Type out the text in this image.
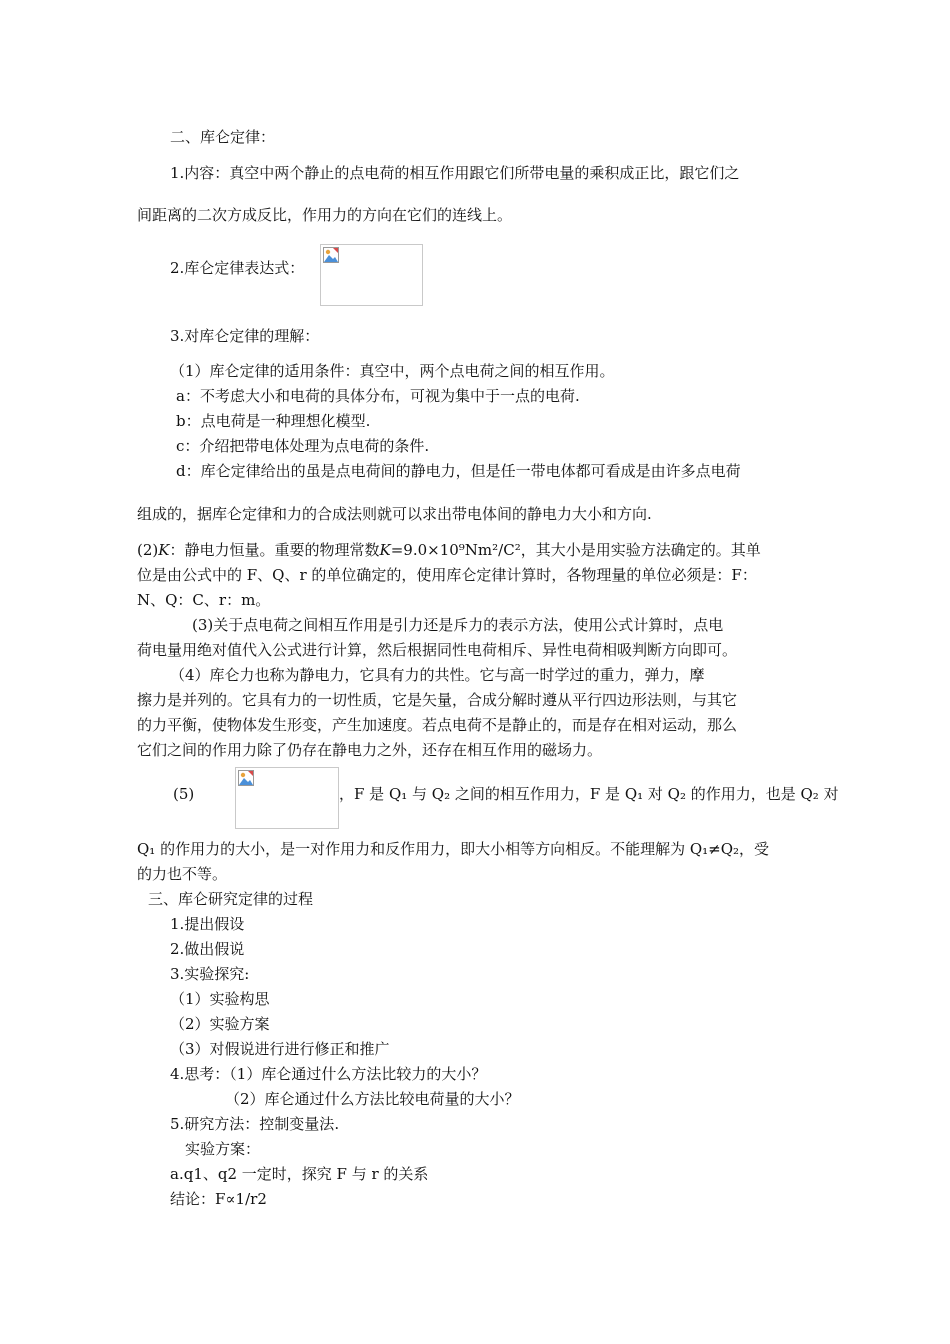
二、库仑定律：
1.内容：真空中两个静止的点电荷的相互作用跟它们所带电量的乘积成正比，跟它们之
间距离的二次方成反比，作用力的方向在它们的连线上。
2.库仑定律表达式：
3.对库仑定律的理解：
（1）库仑定律的适用条件：真空中，两个点电荷之间的相互作用。
a：不考虑大小和电荷的具体分布，可视为集中于一点的电荷.
b：点电荷是一种理想化模型.
c：介绍把带电体处理为点电荷的条件.
d：库仑定律给出的虽是点电荷间的静电力，但是任一带电体都可看成是由许多点电荷
组成的，据库仑定律和力的合成法则就可以求出带电体间的静电力大小和方向.
(2)K：静电力恒量。重要的物理常数K=9.0×10⁹Nm²/C²，其大小是用实验方法确定的。其单
位是由公式中的 F、Q、r 的单位确定的，使用库仑定律计算时，各物理量的单位必须是：F：
N、Q：C、r：m。
(3)关于点电荷之间相互作用是引力还是斥力的表示方法，使用公式计算时，点电
荷电量用绝对值代入公式进行计算，然后根据同性电荷相斥、异性电荷相吸判断方向即可。
（4）库仑力也称为静电力，它具有力的共性。它与高一时学过的重力，弹力，摩
擦力是并列的。它具有力的一切性质，它是矢量，合成分解时遵从平行四边形法则，与其它
的力平衡，使物体发生形变，产生加速度。若点电荷不是静止的，而是存在相对运动，那么
它们之间的作用力除了仍存在静电力之外，还存在相互作用的磁场力。
(5)	，F 是 Q₁ 与 Q₂ 之间的相互作用力，F 是 Q₁ 对 Q₂ 的作用力，也是 Q₂ 对
Q₁ 的作用力的大小，是一对作用力和反作用力，即大小相等方向相反。不能理解为 Q₁≠Q₂，受
的力也不等。
三、库仑研究定律的过程
1.提出假设
2.做出假说
3.实验探究:
（1）实验构思
（2）实验方案
（3）对假说进行进行修正和推广
4.思考：（1）库仑通过什么方法比较力的大小？
（2）库仑通过什么方法比较电荷量的大小？
5.研究方法：控制变量法.
实验方案：
a.q1、q2 一定时，探究 F 与 r 的关系
结论：F∝1/r2
